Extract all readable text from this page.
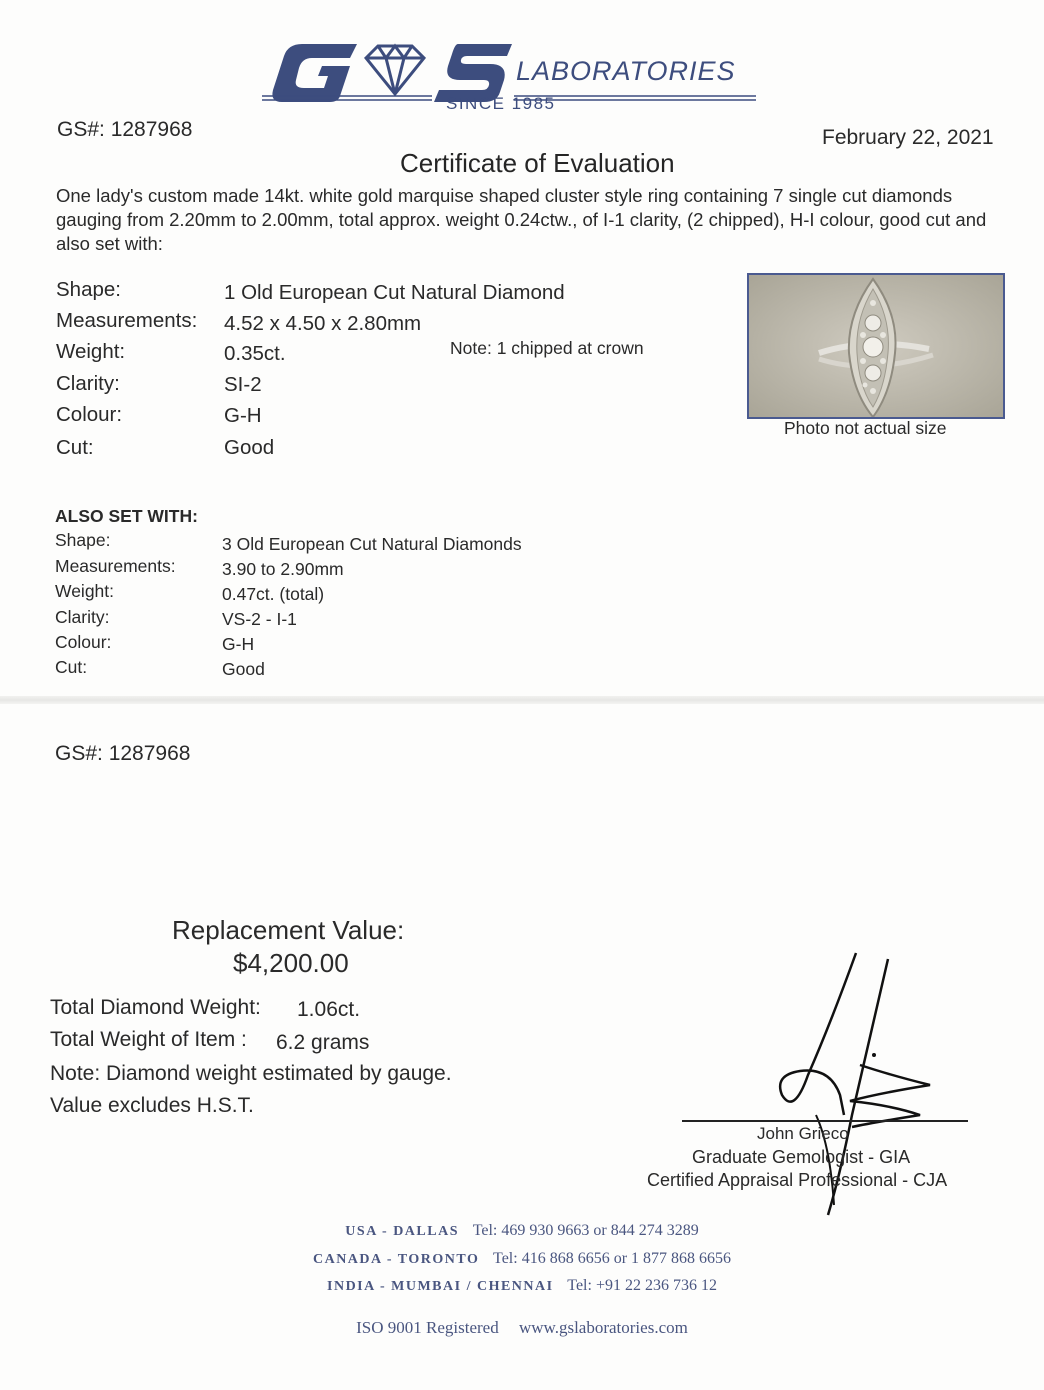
LABORATORIES
SINCE 1985
GS#: 1287968	February 22, 2021
Certificate of Evaluation
One lady's custom made 14kt. white gold marquise shaped cluster style ring containing 7 single cut diamonds gauging from 2.20mm to 2.00mm, total approx. weight 0.24ctw., of I-1 clarity, (2 chipped), H-I colour, good cut and also set with:
Shape:	1 Old European Cut Natural Diamond
Measurements: 4.52 x 4.50 x 2.80mm
Weight:	0.35ct.	Note: 1 chipped at crown
Clarity:	SI-2
Colour:	G-H
Cut:	Good
Photo not actual size
ALSO SET WITH:
Shape:	3 Old European Cut Natural Diamonds
Measurements:	3.90 to 2.90mm
Weight:	0.47ct. (total)
Clarity:	VS-2 - I-1
Colour:	G-H
Cut:	Good
GS#: 1287968
Replacement Value:
$4,200.00
Total Diamond Weight: 1.06ct.
Total Weight of Item : 6.2 grams
Note: Diamond weight estimated by gauge.
Value excludes H.S.T.
John Grieco
Graduate Gemologist - GIA
Certified Appraisal Professional - CJA
USA - DALLAS Tel: 469 930 9663 or 844 274 3289
CANADA - TORONTO Tel: 416 868 6656 or 1 877 868 6656
INDIA - MUMBAI / CHENNAI Tel: +91 22 236 736 12
ISO 9001 Registered www.gslaboratories.com
